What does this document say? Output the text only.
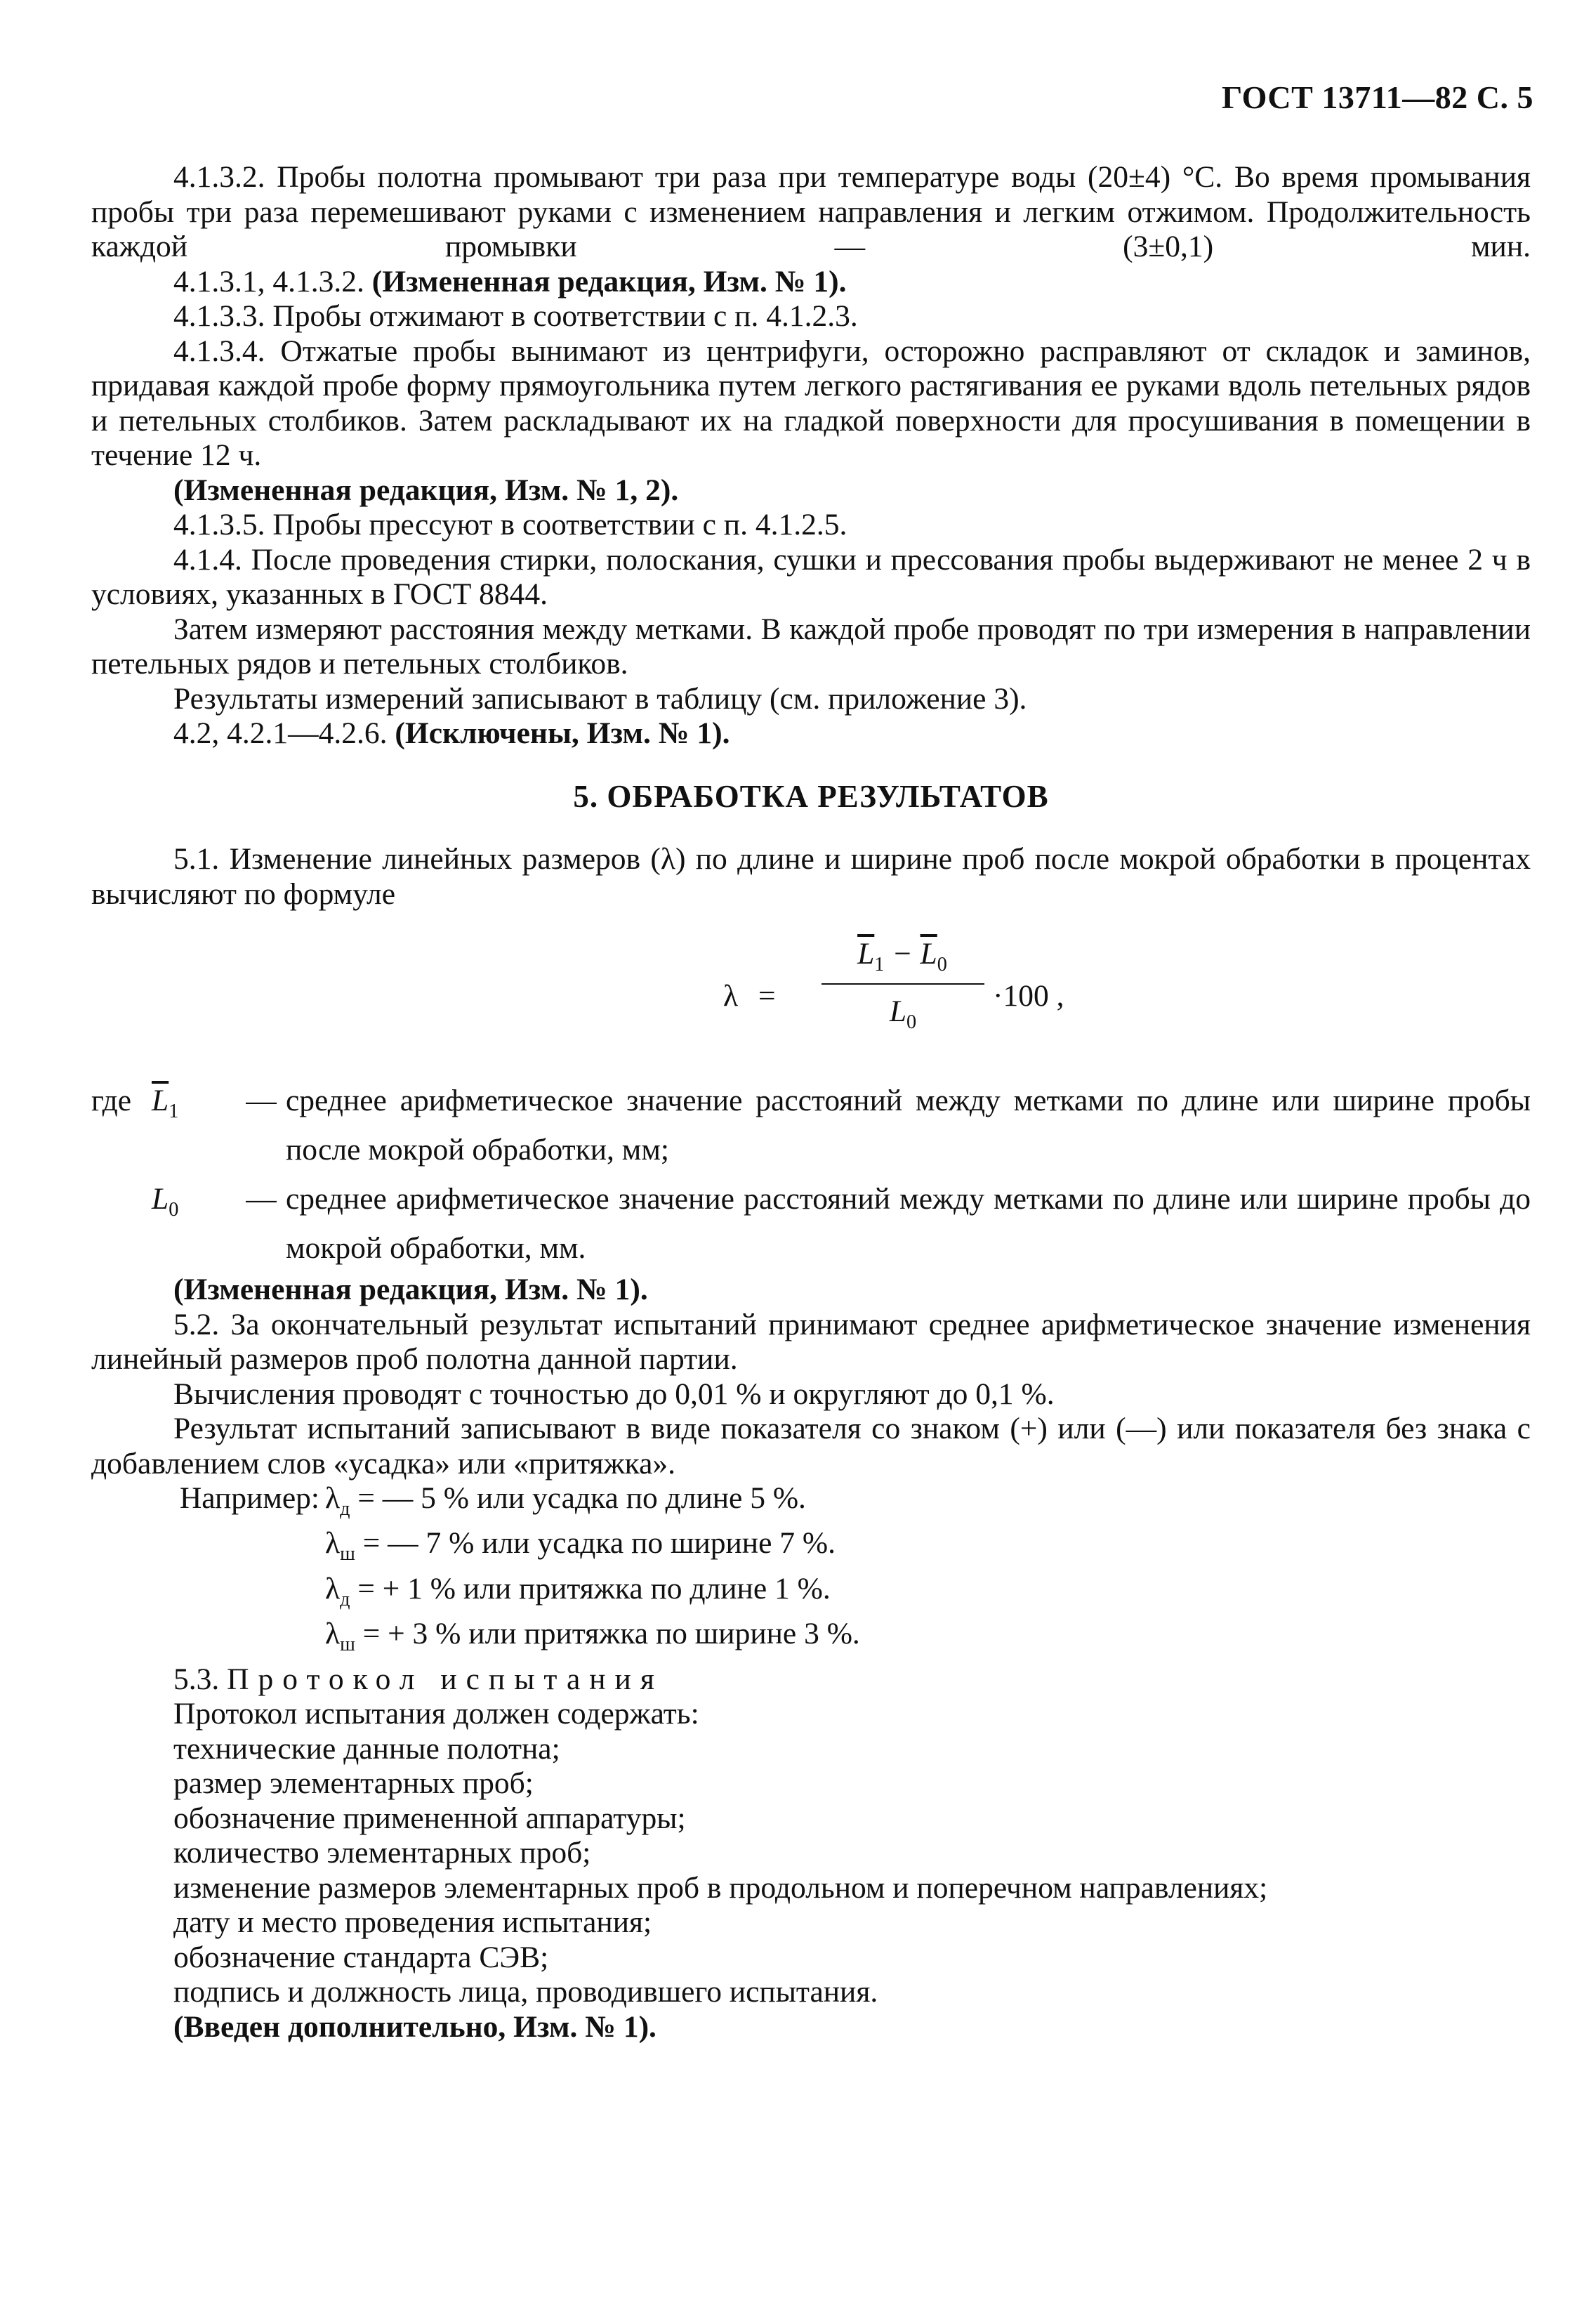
ГОСТ 13711—82 С. 5

4.1.3.2. Пробы полотна промывают три раза при температуре воды (20±4) °С. Во время промывания пробы три раза перемешивают руками с изменением направления и легким отжимом. Продолжительность каждой промывки — (3±0,1) мин.

4.1.3.1, 4.1.3.2. (Измененная редакция, Изм. № 1).

4.1.3.3. Пробы отжимают в соответствии с п. 4.1.2.3.

4.1.3.4. Отжатые пробы вынимают из центрифуги, осторожно расправляют от складок и заминов, придавая каждой пробе форму прямоугольника путем легкого растягивания ее руками вдоль петельных рядов и петельных столбиков. Затем раскладывают их на гладкой поверхности для просушивания в помещении в течение 12 ч.

(Измененная редакция, Изм. № 1, 2).

4.1.3.5. Пробы прессуют в соответствии с п. 4.1.2.5.

4.1.4. После проведения стирки, полоскания, сушки и прессования пробы выдерживают не менее 2 ч в условиях, указанных в ГОСТ 8844.

Затем измеряют расстояния между метками. В каждой пробе проводят по три измерения в направлении петельных рядов и петельных столбиков.

Результаты измерений записывают в таблицу (см. приложение 3).

4.2, 4.2.1—4.2.6. (Исключены, Изм. № 1).

5. ОБРАБОТКА РЕЗУЛЬТАТОВ

5.1. Изменение линейных размеров (λ) по длине и ширине проб после мокрой обработки в процентах вычисляют по формуле

λ =
$\overline{L}_1 - \overline{L}_0$
$L_0$
·100 ,
где $\overline{L}_1$	— среднее арифметическое значение расстояний между метками по длине или ширине пробы после мокрой обработки, мм;
$L_0$	— среднее арифметическое значение расстояний между метками по длине или ширине пробы до мокрой обработки, мм.

(Измененная редакция, Изм. № 1).

5.2. За окончательный результат испытаний принимают среднее арифметическое значение изменения линейный размеров проб полотна данной партии.

Вычисления проводят с точностью до 0,01 % и округляют до 0,1 %.

Результат испытаний записывают в виде показателя со знаком (+) или (—) или показателя без знака с добавлением слов «усадка» или «притяжка».

Например: $\lambda_д$ = — 5 % или усадка по длине 5 %.

$\lambda_ш$ = — 7 % или усадка по ширине 7 %.

$\lambda_д$ = + 1 % или притяжка по длине 1 %.

$\lambda_ш$ = + 3 % или притяжка по ширине 3 %.

5.3. Протокол испытания

Протокол испытания должен содержать:

технические данные полотна;

размер элементарных проб;

обозначение примененной аппаратуры;

количество элементарных проб;

изменение размеров элементарных проб в продольном и поперечном направлениях;

дату и место проведения испытания;

обозначение стандарта СЭВ;

подпись и должность лица, проводившего испытания.

(Введен дополнительно, Изм. № 1).
